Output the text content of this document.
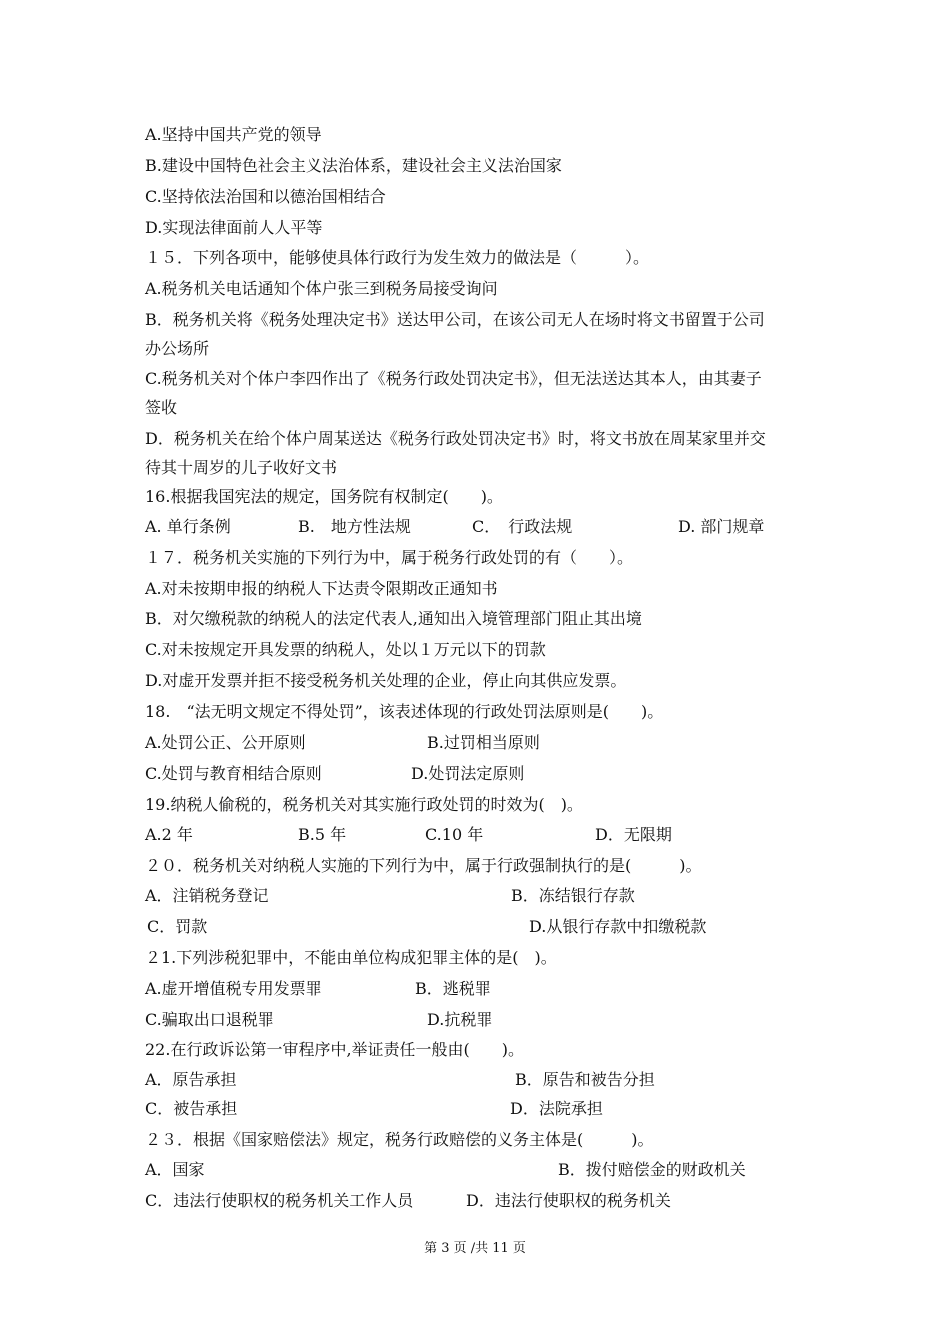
A.坚持中国共产党的领导
B.建设中国特色社会主义法治体系，建设社会主义法治国家
C.坚持依法治国和以德治国相结合
D.实现法律面前人人平等
１５．下列各项中，能够使具体行政行为发生效力的做法是（　　　）。
A.税务机关电话通知个体户张三到税务局接受询问
B．税务机关将《税务处理决定书》送达甲公司，在该公司无人在场时将文书留置于公司
办公场所
C.税务机关对个体户李四作出了《税务行政处罚决定书》，但无法送达其本人，由其妻子
签收
D．税务机关在给个体户周某送达《税务行政处罚决定书》时，将文书放在周某家里并交
待其十周岁的儿子收好文书
16.根据我国宪法的规定，国务院有权制定(　　)。
A. 单行条例	B.　地方性法规	C．　行政法规	D. 部门规章
１７．税务机关实施的下列行为中，属于税务行政处罚的有（　　）。
A.对未按期申报的纳税人下达责令限期改正通知书
B．对欠缴税款的纳税人的法定代表人,通知出入境管理部门阻止其出境
C.对未按规定开具发票的纳税人，处以１万元以下的罚款
D.对虚开发票并拒不接受税务机关处理的企业，停止向其供应发票。
18.　“法无明文规定不得处罚”，该表述体现的行政处罚法原则是(　　)。
A.处罚公正、公开原则	B.过罚相当原则
C.处罚与教育相结合原则	D.处罚法定原则
19.纳税人偷税的，税务机关对其实施行政处罚的时效为(　)。
A.2 年	B.5 年	C.10 年	D．无限期
２０．税务机关对纳税人实施的下列行为中，属于行政强制执行的是(　　　)。
A．注销税务登记	B．冻结银行存款
C．罚款	D.从银行存款中扣缴税款
２1.下列涉税犯罪中，不能由单位构成犯罪主体的是(　)。
A.虚开增值税专用发票罪	B．逃税罪
C.骗取出口退税罪	D.抗税罪
22.在行政诉讼第一审程序中,举证责任一般由(　　)。
A．原告承担	B．原告和被告分担
C．被告承担	D．法院承担
２３．根据《国家赔偿法》规定，税务行政赔偿的义务主体是(　　　)。
A．国家	B．拨付赔偿金的财政机关
C．违法行使职权的税务机关工作人员	D．违法行使职权的税务机关
第 3 页 /共 11 页
